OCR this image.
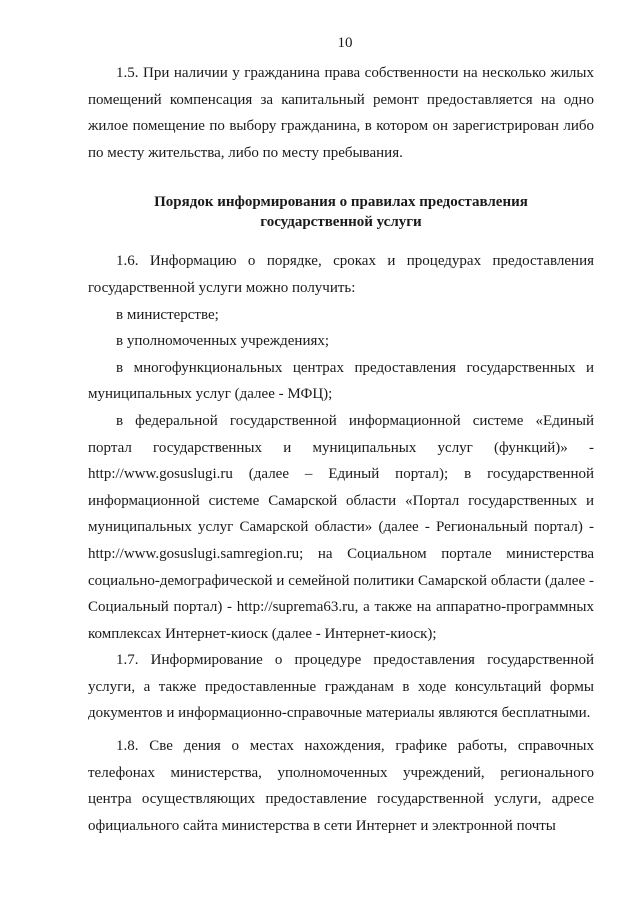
10

1.5. При наличии у гражданина права собственности на несколько жилых помещений компенсация за капитальный ремонт предоставляется на одно жилое помещение по выбору гражданина, в котором он зарегистрирован либо по месту жительства, либо по месту пребывания.

Порядок информирования о правилах предоставления
государственной услуги

1.6. Информацию о порядке, сроках и процедурах предоставления государственной услуги можно получить:

в министерстве;

в уполномоченных учреждениях;

в многофункциональных центрах предоставления государственных и муниципальных услуг (далее - МФЦ);

в федеральной государственной информационной системе «Единый портал государственных и муниципальных услуг (функций)» - http://www.gosuslugi.ru (далее – Единый портал); в государственной информационной системе Самарской области «Портал государственных и муниципальных услуг Самарской области» (далее - Региональный портал) - http://www.gosuslugi.samregion.ru; на Социальном портале министерства социально-демографической и семейной политики Самарской области (далее - Социальный портал) - http://suprema63.ru, а также на аппаратно-программных комплексах Интернет-киоск (далее - Интернет-киоск);

1.7. Информирование о процедуре предоставления государственной услуги, а также предоставленные гражданам в ходе консультаций формы документов и информационно-справочные материалы являются бесплатными.

1.8. Све дения о местах нахождения, графике работы, справочных телефонах министерства, уполномоченных учреждений, регионального центра осуществляющих предоставление государственной услуги, адресе официального сайта министерства в сети Интернет и электронной почты
